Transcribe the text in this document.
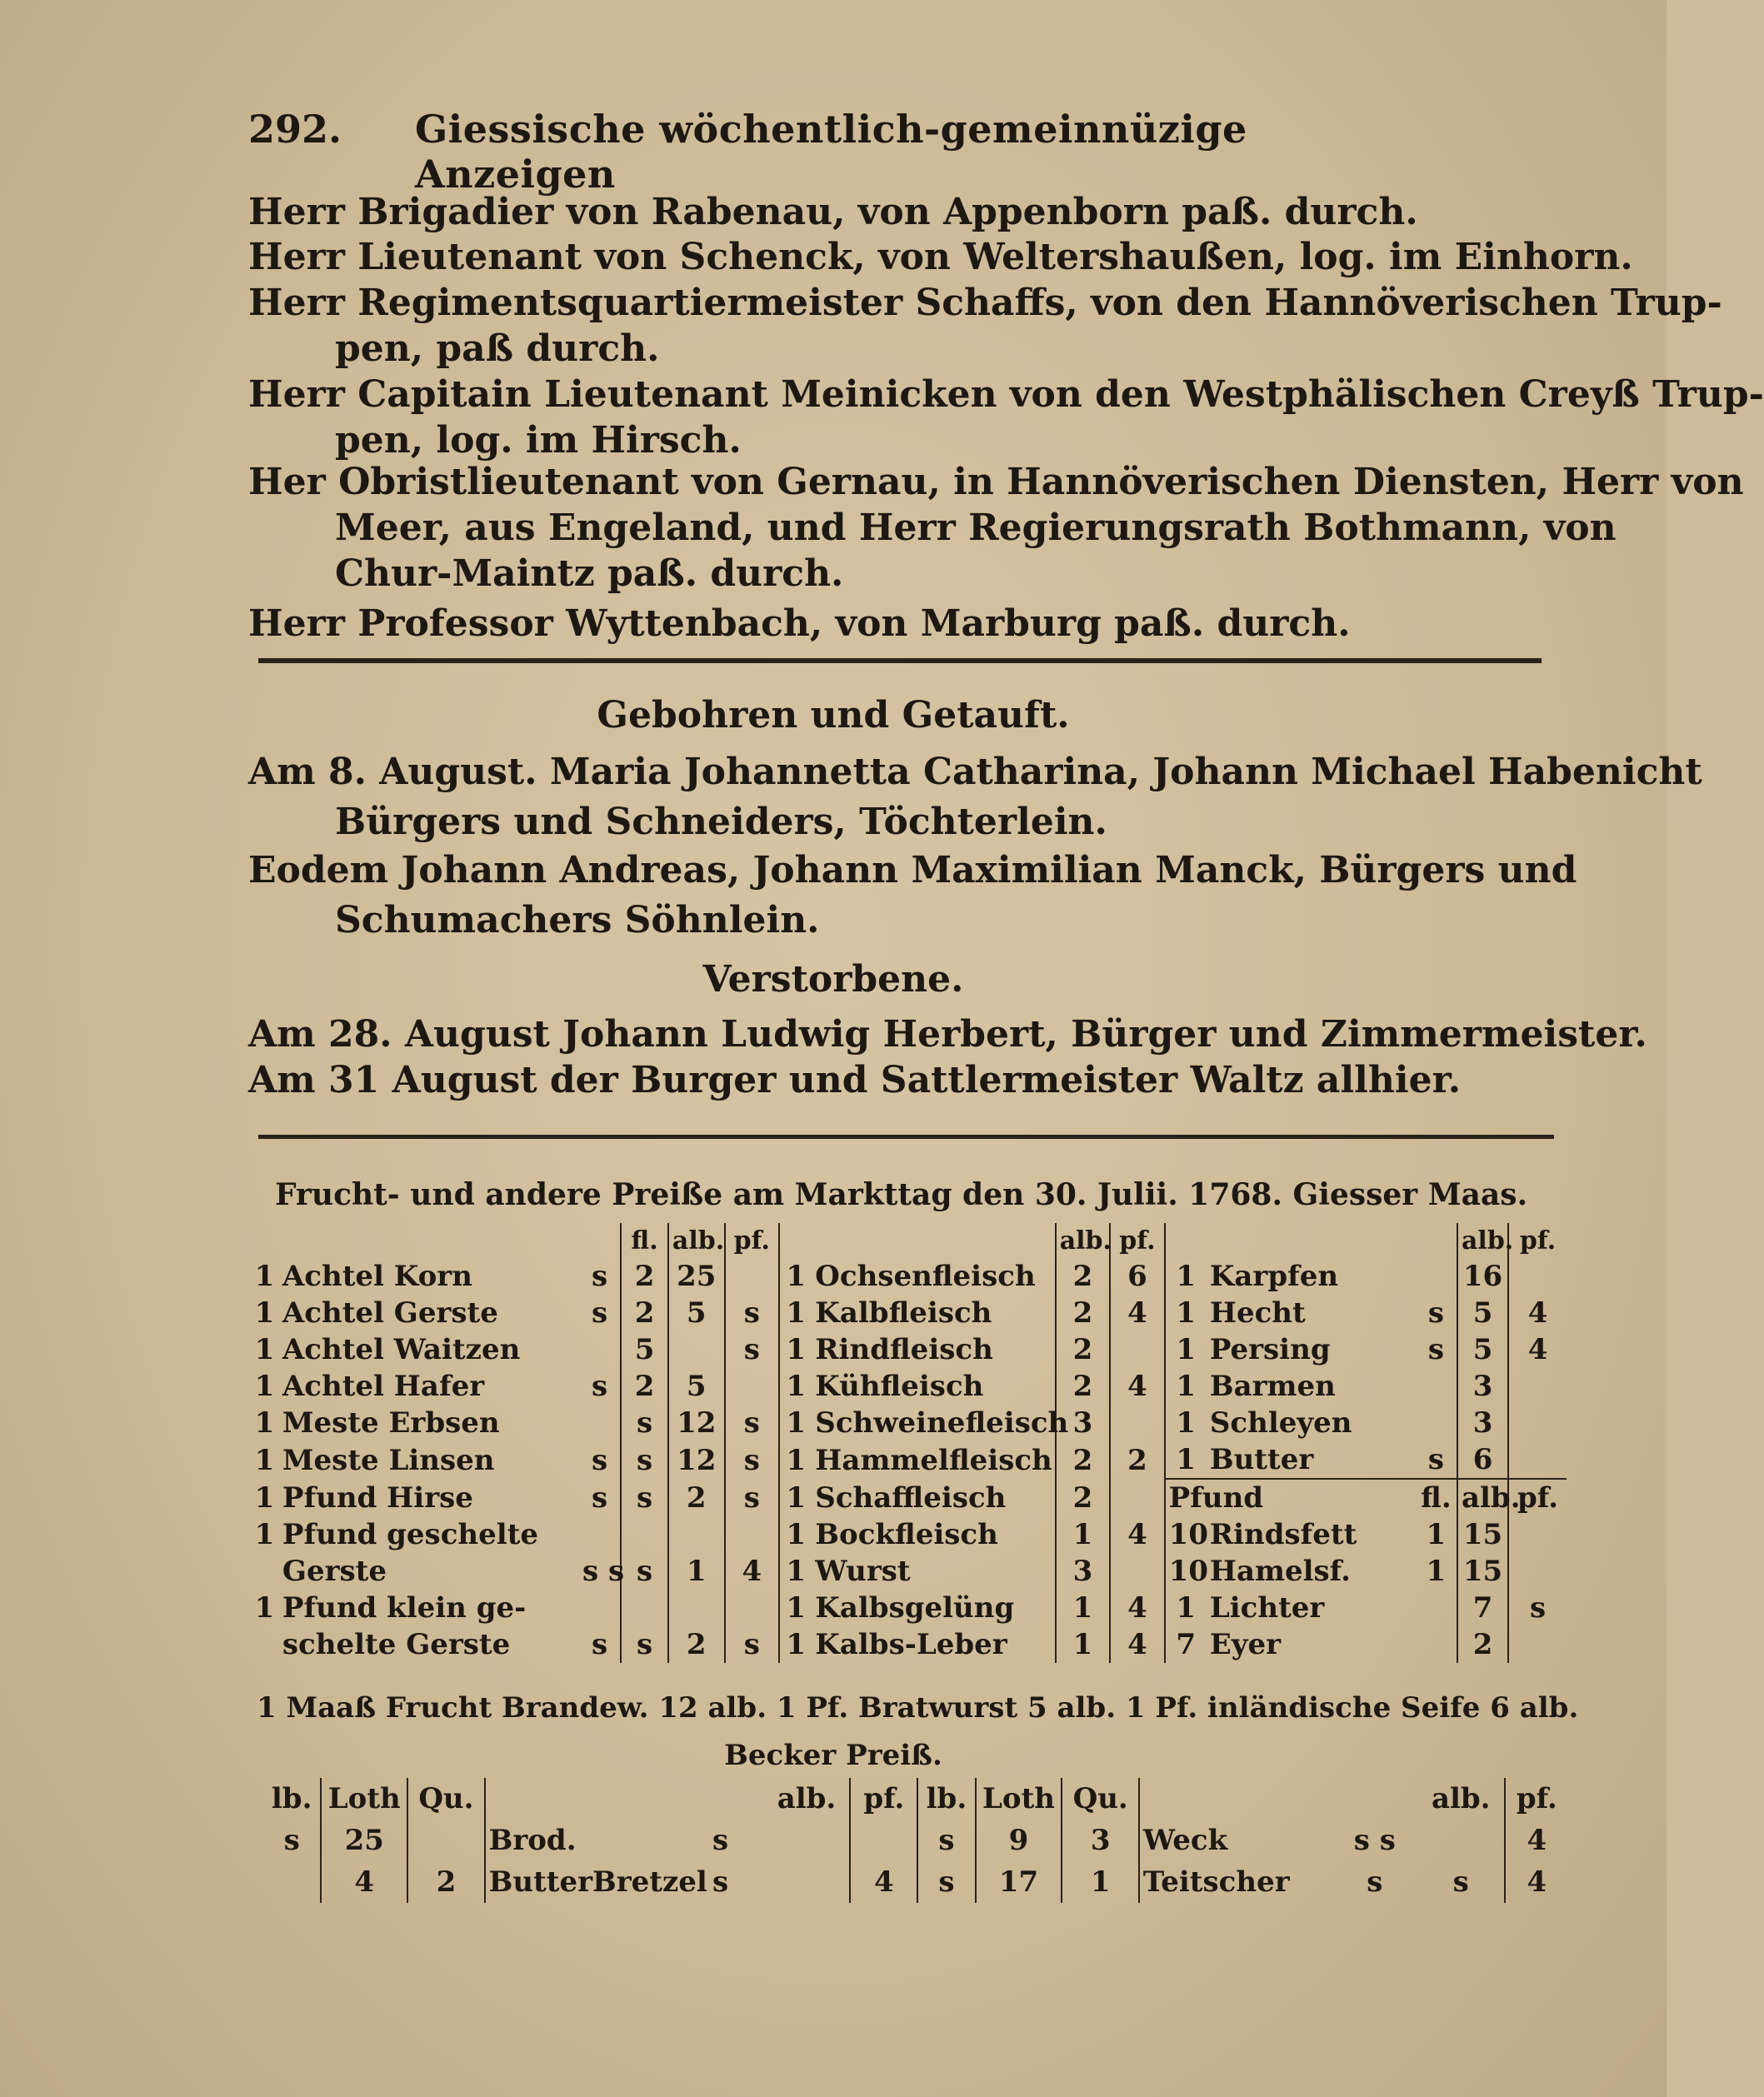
292. Giessische wöchentlich-gemeinnüzige Anzeigen
Herr Brigadier von Rabenau, von Appenborn paß. durch.
Herr Lieutenant von Schenck, von Weltershaußen, log. im Einhorn.
Herr Regimentsquartiermeister Schaffs, von den Hannöverischen Trup-
pen, paß durch.
Herr Capitain Lieutenant Meinicken von den Westphälischen Creyß Trup-
pen, log. im Hirsch.
Her Obristlieutenant von Gernau, in Hannöverischen Diensten, Herr von
Meer, aus Engeland, und Herr Regierungsrath Bothmann, von
Chur-Maintz paß. durch.
Herr Professor Wyttenbach, von Marburg paß. durch.
Gebohren und Getauft.
Am 8. August. Maria Johannetta Catharina, Johann Michael Habenicht
Bürgers und Schneiders, Töchterlein.
Eodem Johann Andreas, Johann Maximilian Manck, Bürgers und
Schumachers Söhnlein.
Verstorbene.
Am 28. August Johann Ludwig Herbert, Bürger und Zimmermeister.
Am 31 August der Burger und Sattlermeister Waltz allhier.
Frucht- und andere Preiße am Markttag den 30. Julii. 1768. Giesser Maas.
			fl.	alb.	pf.			alb.	pf.				alb.	pf.
1	Achtel Korn	s	2	25		1	Ochsenfleisch	2	6	1	Karpfen		16	
1	Achtel Gerste	s	2	5	s	1	Kalbfleisch	2	4	1	Hecht	s	5	4
1	Achtel Waitzen		5		s	1	Rindfleisch	2		1	Persing	s	5	4
1	Achtel Hafer	s	2	5		1	Kühfleisch	2	4	1	Barmen		3	
1	Meste Erbsen		s	12	s	1	Schweinefleisch	3		1	Schleyen		3	
1	Meste Linsen	s	s	12	s	1	Hammelfleisch	2	2	1	Butter	s	6	
1	Pfund Hirse	s	s	2	s	1	Schaffleisch	2		Pfund		fl.	alb.	pf.
1	Pfund geschelte					1	Bockfleisch	1	4	10	Rindsfett	1	15	
	Gerste	s s	s	1	4	1	Wurst	3		10	Hamelsf.	1	15	
1	Pfund klein ge-					1	Kalbsgelüng	1	4	1	Lichter		7	s
	schelte Gerste	s	s	2	s	1	Kalbs-Leber	1	4	7	Eyer		2	
1 Maaß Frucht Brandew. 12 alb. 1 Pf. Bratwurst 5 alb. 1 Pf. inländische Seife 6 alb.
Becker Preiß.
lb.	Loth	Qu.			alb.	pf.	lb.	Loth	Qu.			alb.	pf.
s	25		Brod.	s			s	9	3	Weck	s s		4
	4	2	ButterBretzel	s		4	s	17	1	Teitscher	s	s	4
